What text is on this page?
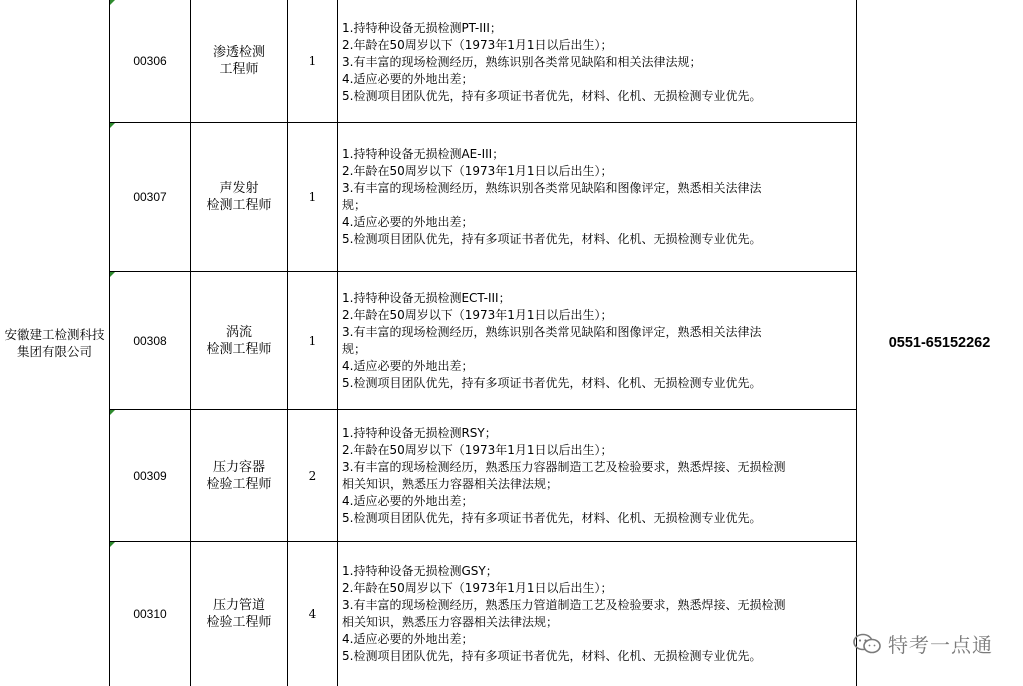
安徽建工检测科技集团有限公司
0551-65152262
00306
渗透检测
工程师
1
1.持特种设备无损检测PT-III；
2.年龄在50周岁以下（1973年1月1日以后出生）；
3.有丰富的现场检测经历，熟练识别各类常见缺陷和相关法律法规；
4.适应必要的外地出差；
5.检测项目团队优先，持有多项证书者优先，材料、化机、无损检测专业优先。
00307
声发射
检测工程师
1
1.持特种设备无损检测AE-III；
2.年龄在50周岁以下（1973年1月1日以后出生）；
3.有丰富的现场检测经历，熟练识别各类常见缺陷和图像评定，熟悉相关法律法
规；
4.适应必要的外地出差；
5.检测项目团队优先，持有多项证书者优先，材料、化机、无损检测专业优先。
00308
涡流
检测工程师
1
1.持特种设备无损检测ECT-III；
2.年龄在50周岁以下（1973年1月1日以后出生）；
3.有丰富的现场检测经历，熟练识别各类常见缺陷和图像评定，熟悉相关法律法
规；
4.适应必要的外地出差；
5.检测项目团队优先，持有多项证书者优先，材料、化机、无损检测专业优先。
00309
压力容器
检验工程师
2
1.持特种设备无损检测RSY；
2.年龄在50周岁以下（1973年1月1日以后出生）；
3.有丰富的现场检测经历，熟悉压力容器制造工艺及检验要求，熟悉焊接、无损检测
相关知识，熟悉压力容器相关法律法规；
4.适应必要的外地出差；
5.检测项目团队优先，持有多项证书者优先，材料、化机、无损检测专业优先。
00310
压力管道
检验工程师
4
1.持特种设备无损检测GSY；
2.年龄在50周岁以下（1973年1月1日以后出生）；
3.有丰富的现场检测经历，熟悉压力管道制造工艺及检验要求，熟悉焊接、无损检测
相关知识，熟悉压力容器相关法律法规；
4.适应必要的外地出差；
5.检测项目团队优先，持有多项证书者优先，材料、化机、无损检测专业优先。	特考一点通
